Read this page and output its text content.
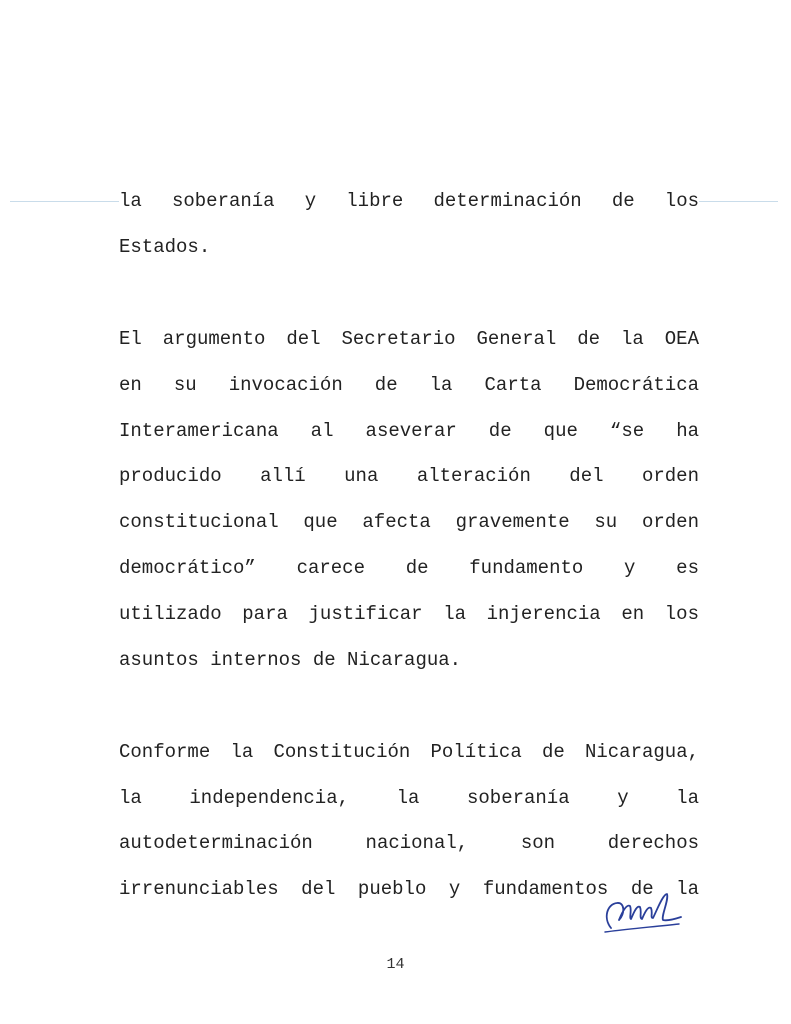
la soberanía y libre determinación de los

Estados.

El argumento del Secretario General de la OEA

en su invocación de la Carta Democrática

Interamericana al aseverar de que “se ha

producido allí una alteración del orden

constitucional que afecta gravemente su orden

democrático” carece de fundamento y es

utilizado para justificar la injerencia en los

asuntos internos de Nicaragua.

Conforme la Constitución Política de Nicaragua,

la independencia, la soberanía y la

autodeterminación nacional, son derechos

irrenunciables del pueblo y fundamentos de la

14
